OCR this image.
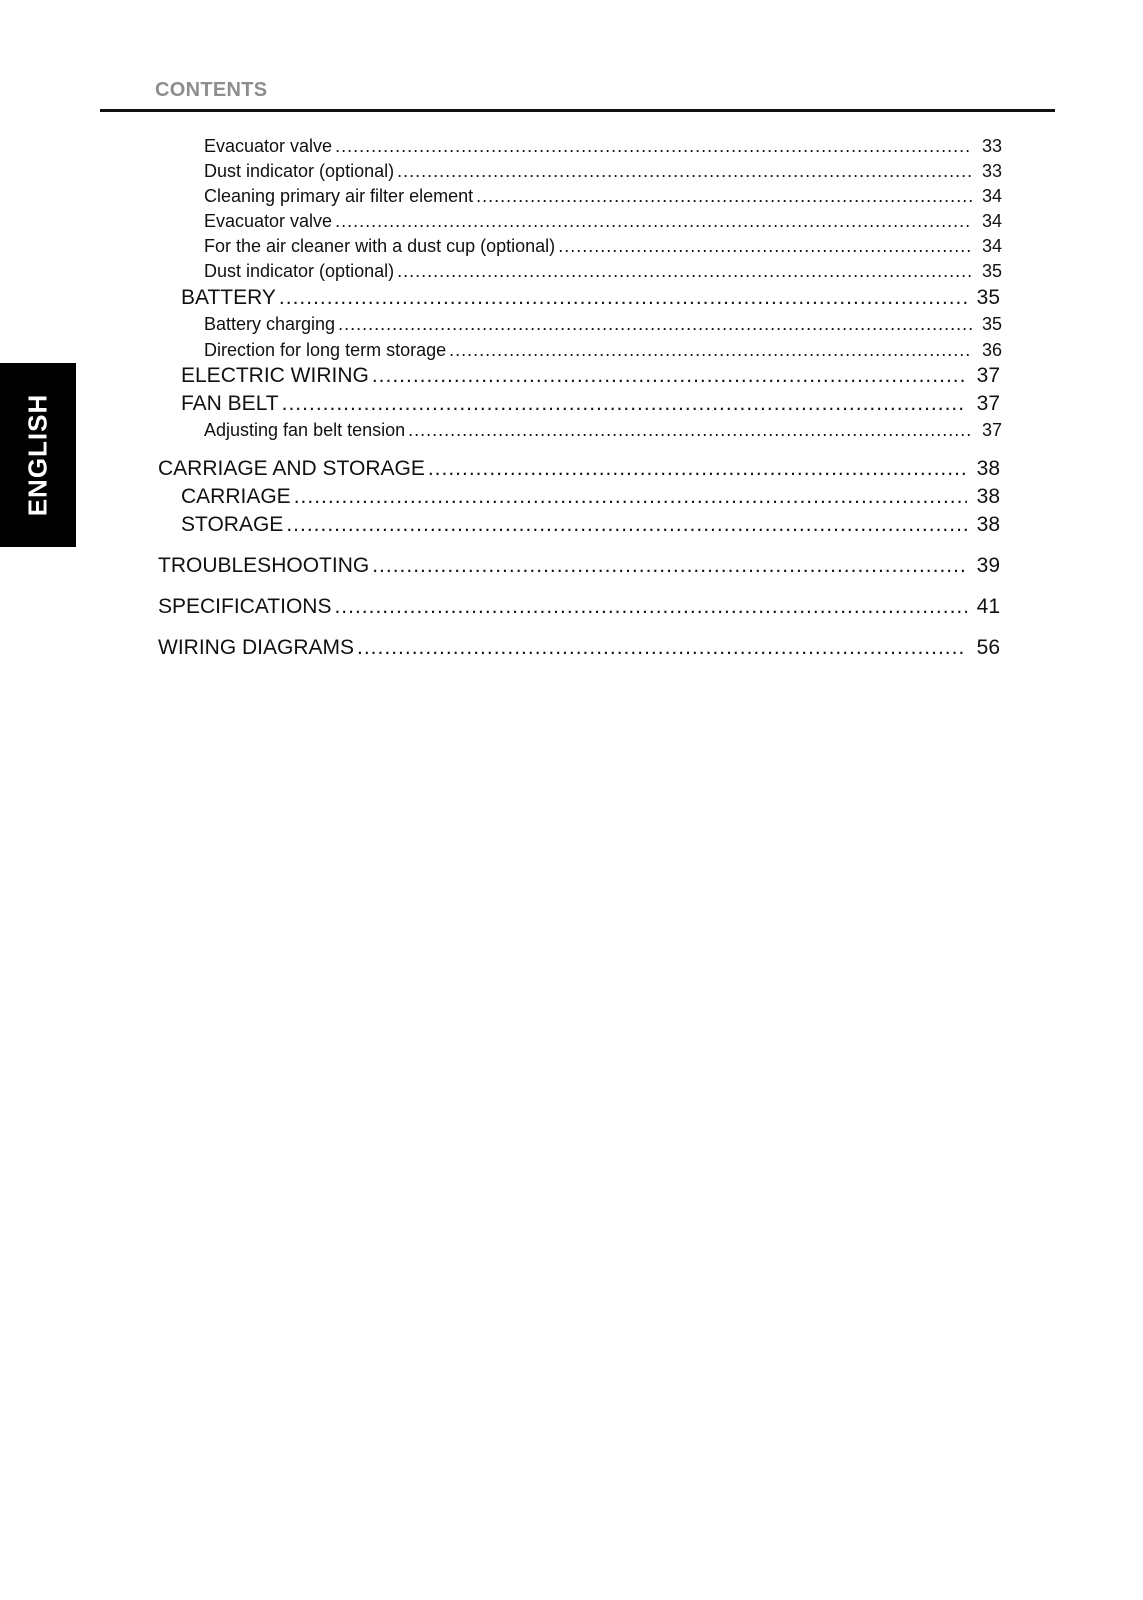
CONTENTS
ENGLISH
Evacuator valve .....	33
Dust indicator (optional) .....	33
Cleaning primary air filter element .....	34
Evacuator valve .....	34
For the air cleaner with a dust cup (optional) .....	34
Dust indicator (optional) .....	35
BATTERY .....	35
Battery charging .....	35
Direction for long term storage .....	36
ELECTRIC WIRING .....	37
FAN BELT .....	37
Adjusting fan belt tension .....	37
CARRIAGE AND STORAGE .....	38
CARRIAGE .....	38
STORAGE .....	38
TROUBLESHOOTING .....	39
SPECIFICATIONS .....	41
WIRING DIAGRAMS .....	56
